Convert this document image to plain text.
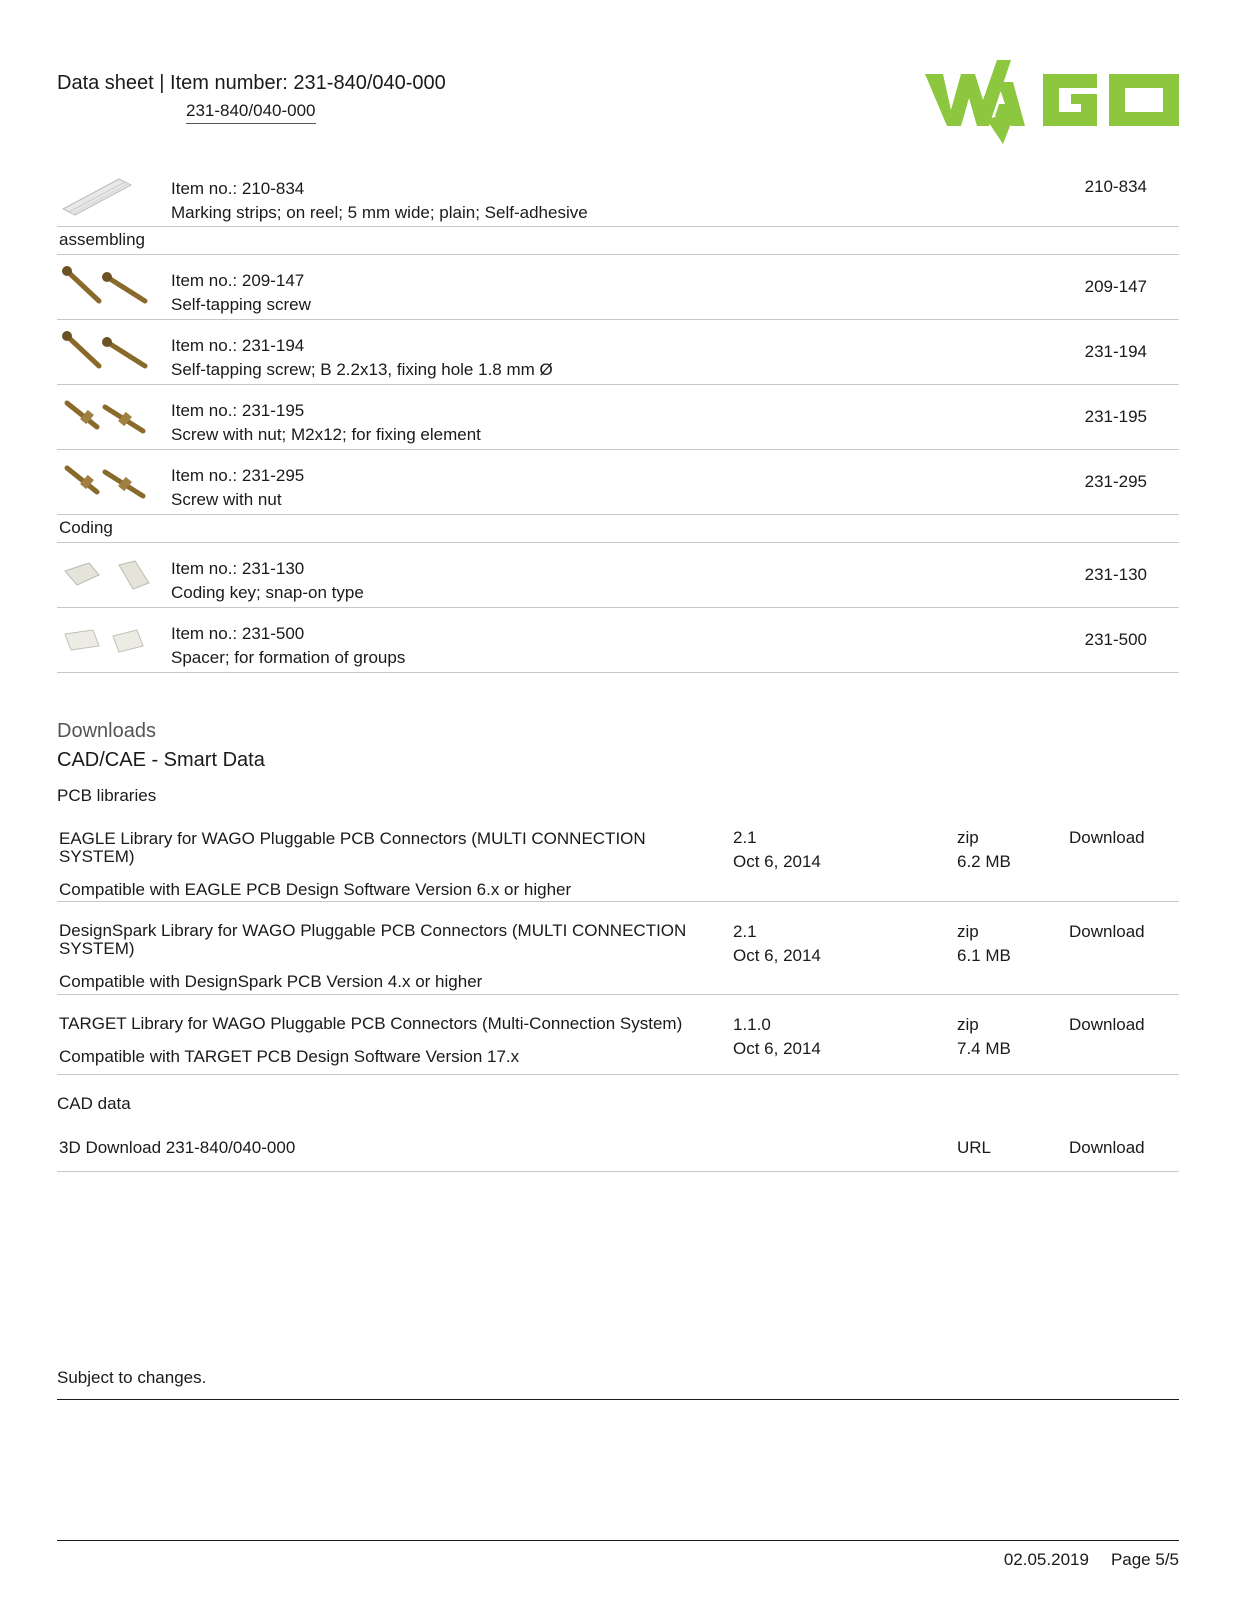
Data sheet | Item number: 231-840/040-000
231-840/040-000
Item no.: 210-834
Marking strips; on reel; 5 mm wide; plain; Self-adhesive
210-834
assembling
Item no.: 209-147
Self-tapping screw
209-147
Item no.: 231-194
Self-tapping screw; B 2.2x13, fixing hole 1.8 mm Ø
231-194
Item no.: 231-195
Screw with nut; M2x12; for fixing element
231-195
Item no.: 231-295
Screw with nut
231-295
Coding
Item no.: 231-130
Coding key; snap-on type
231-130
Item no.: 231-500
Spacer; for formation of groups
231-500
Downloads
CAD/CAE - Smart Data
PCB libraries
EAGLE Library for WAGO Pluggable PCB Connectors (MULTI CONNECTION SYSTEM)
Compatible with EAGLE PCB Design Software Version 6.x or higher
2.1
Oct 6, 2014
zip
6.2 MB
Download
DesignSpark Library for WAGO Pluggable PCB Connectors (MULTI CONNECTION SYSTEM)
Compatible with DesignSpark PCB Version 4.x or higher
2.1
Oct 6, 2014
zip
6.1 MB
Download
TARGET Library for WAGO Pluggable PCB Connectors (Multi-Connection System)
Compatible with TARGET PCB Design Software Version 17.x
1.1.0
Oct 6, 2014
zip
7.4 MB
Download
CAD data
3D Download 231-840/040-000	URL	Download
Subject to changes.
02.05.2019 Page 5/5
